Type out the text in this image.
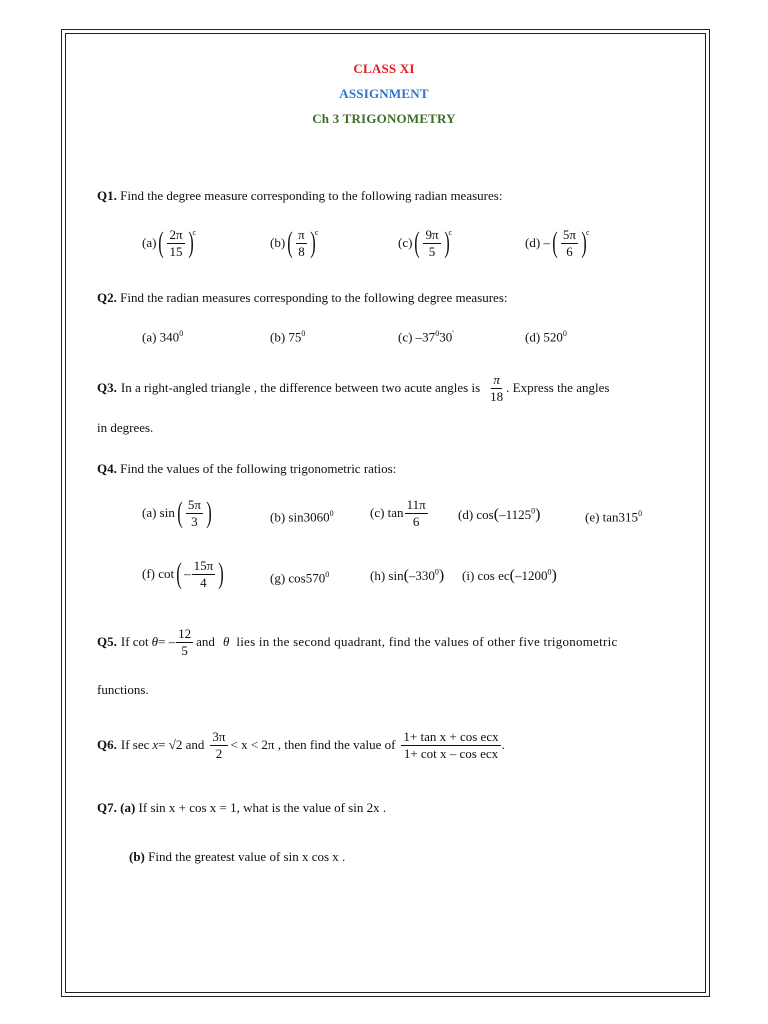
CLASS XI
ASSIGNMENT
Ch 3 TRIGONOMETRY
Q1. Find the degree measure corresponding to the following radian measures:
(a) ( $\frac{2\pi}{15}$ ) c
(b) ( $\frac{\pi}{8}$ ) c
(c) ( $\frac{9\pi}{5}$ ) c
(d) – ( $\frac{5\pi}{6}$ ) c
Q2. Find the radian measures corresponding to the following degree measures:
(a) $340^0$	(b) $75^0$	(c) $-37^030'$	(d) $520^0$
Q3. In a right-angled triangle , the difference between two acute angles is $\frac{\pi}{18}$ . Express the angles
in degrees.
Q4. Find the values of the following trigonometric ratios:
(a) sin ( $\frac{5\pi}{3}$ )	(b) sin3060$^0$	(c) $\tan \frac{11\pi}{6} (d)$ cos(–1125$^0$)	(e) $\tan 315^0$
(f) cot ( – $\frac{15\pi}{4}$ )	(g) $\cos 570^0$	(h) $\sin(-330^0)$ (i) cos ec(–1200$^0$)
Q5. If cot θ = – $\frac{12}{5}$ and θ lies in the second quadrant, find the values of other five trigonometric
functions.
Q6. If sec x = √2 and $\frac{3\pi}{2} < x < 2\pi$ , then find the value of $\frac{\text{1+ tan x + cos ecx}}{\text{1+ cot x – cos ecx}}$ .
Q7. (a) If sin x + cos x = 1, what is the value of sin 2x .
(b) Find the greatest value of sin x cos x .
